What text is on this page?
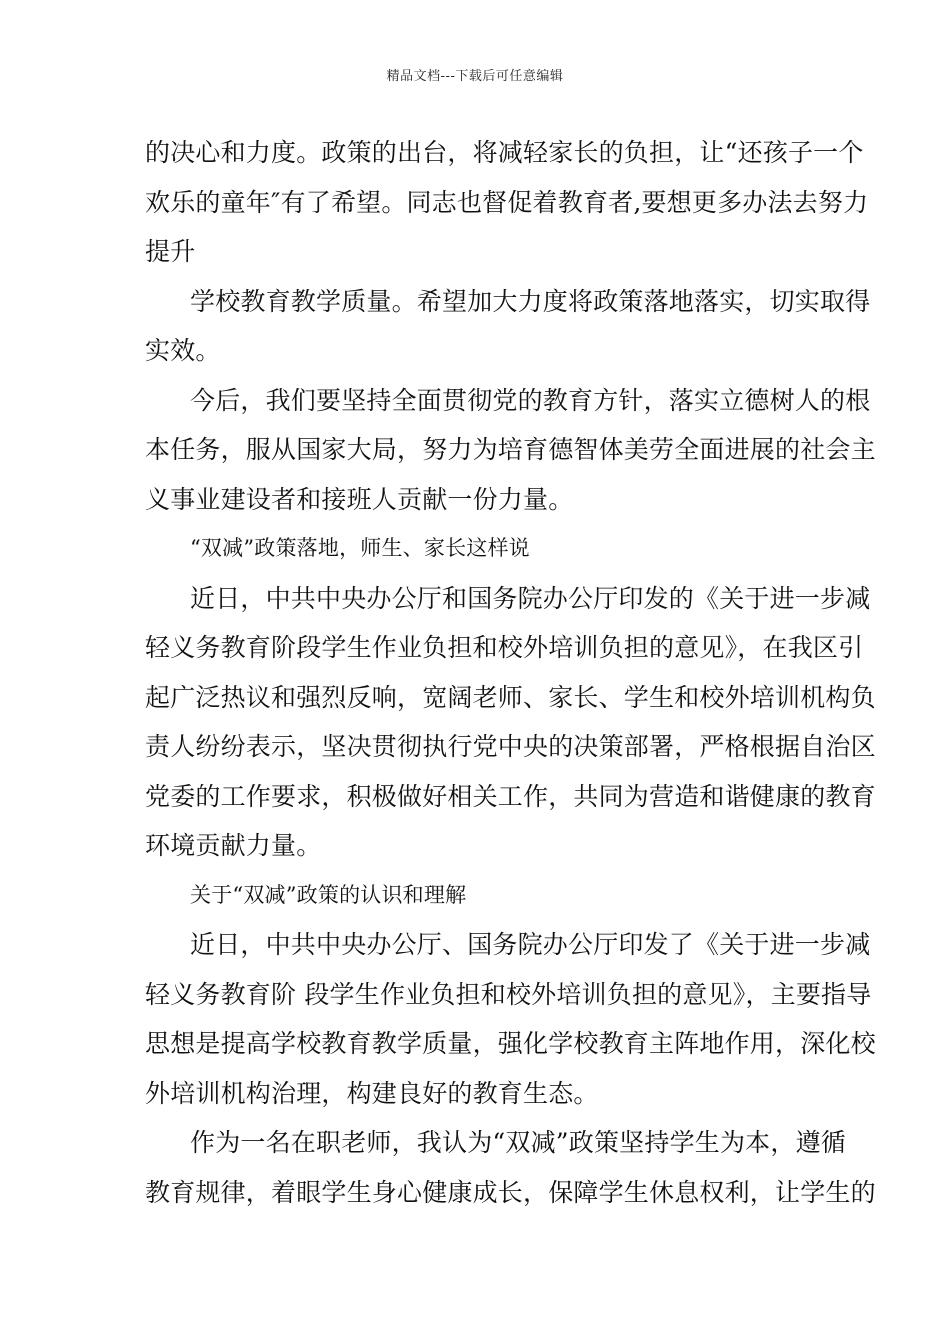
精品文档---下载后可任意编辑
的决心和力度。政策的出台，将减轻家长的负担，让“还孩子一个
欢乐的童年″有了希望。同志也督促着教育者,要想更多办法去努力
提升
学校教育教学质量。希望加大力度将政策落地落实，切实取得
实效。
今后，我们要坚持全面贯彻党的教育方针，落实立德树人的根
本任务，服从国家大局，努力为培育德智体美劳全面进展的社会主
义事业建设者和接班人贡献一份力量。
“双减”政策落地，师生、家长这样说
近日，中共中央办公厅和国务院办公厅印发的《关于进一步减
轻义务教育阶段学生作业负担和校外培训负担的意见》，在我区引
起广泛热议和强烈反响，宽阔老师、家长、学生和校外培训机构负
责人纷纷表示，坚决贯彻执行党中央的决策部署，严格根据自治区
党委的工作要求，积极做好相关工作，共同为营造和谐健康的教育
环境贡献力量。
关于“双减”政策的认识和理解
近日，中共中央办公厅、国务院办公厅印发了《关于进一步减
轻义务教育阶 段学生作业负担和校外培训负担的意见》，主要指导
思想是提高学校教育教学质量，强化学校教育主阵地作用，深化校
外培训机构治理，构建良好的教育生态。
作为一名在职老师，我认为“双减”政策坚持学生为本，遵循
教育规律，着眼学生身心健康成长，保障学生休息权利，让学生的
